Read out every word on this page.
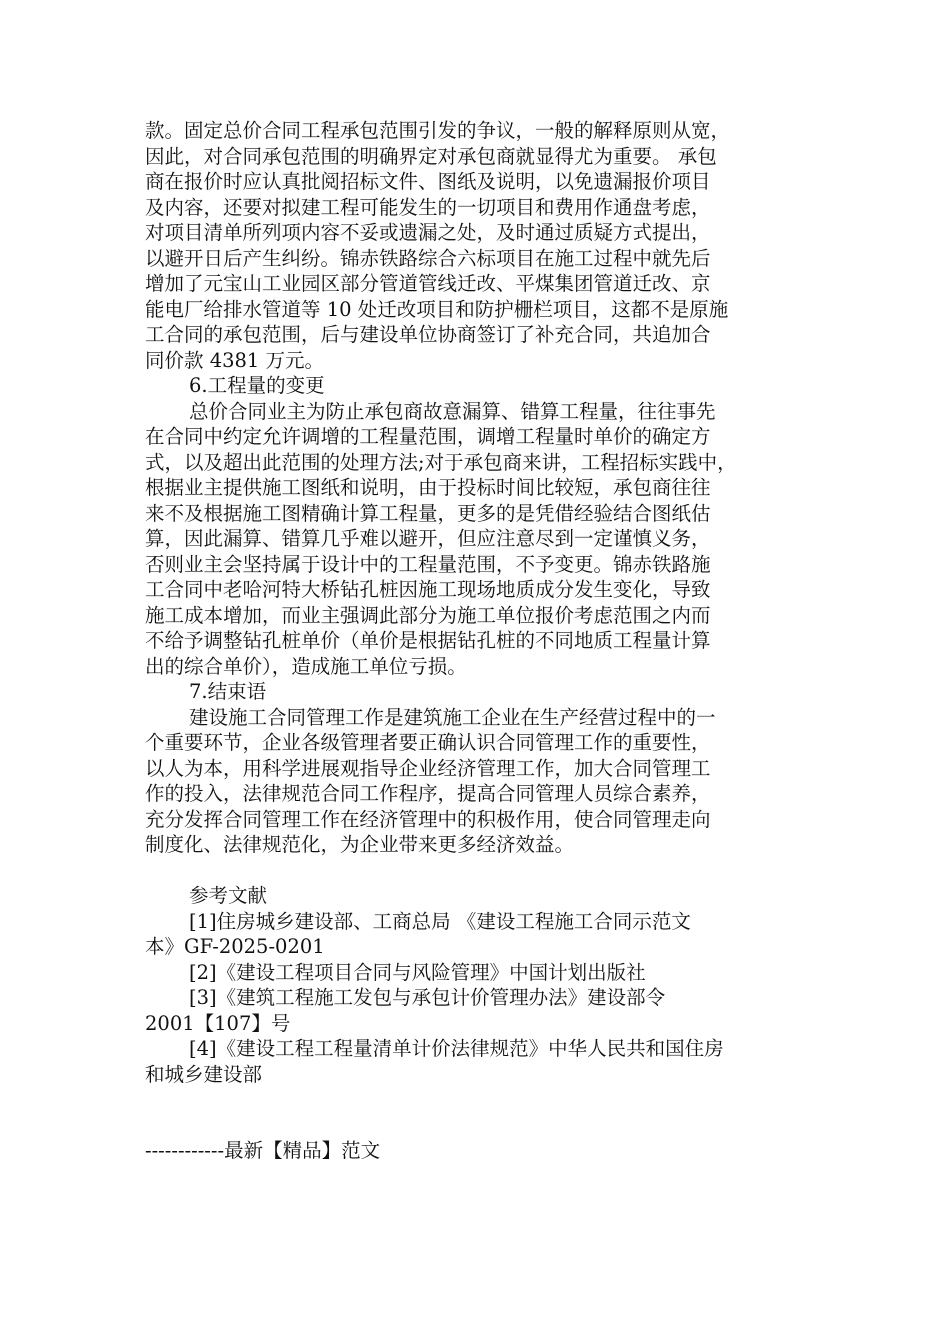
款。固定总价合同工程承包范围引发的争议，一般的解释原则从宽，
因此，对合同承包范围的明确界定对承包商就显得尤为重要。 承包
商在报价时应认真批阅招标文件、图纸及说明，以免遗漏报价项目
及内容，还要对拟建工程可能发生的一切项目和费用作通盘考虑，
对项目清单所列项内容不妥或遗漏之处，及时通过质疑方式提出，
以避开日后产生纠纷。锦赤铁路综合六标项目在施工过程中就先后
增加了元宝山工业园区部分管道管线迁改、平煤集团管道迁改、京
能电厂给排水管道等 10 处迁改项目和防护栅栏项目，这都不是原施
工合同的承包范围，后与建设单位协商签订了补充合同，共追加合
同价款 4381 万元。
6.工程量的变更
总价合同业主为防止承包商故意漏算、错算工程量，往往事先
在合同中约定允许调增的工程量范围，调增工程量时单价的确定方
式，以及超出此范围的处理方法;对于承包商来讲，工程招标实践中，
根据业主提供施工图纸和说明，由于投标时间比较短，承包商往往
来不及根据施工图精确计算工程量，更多的是凭借经验结合图纸估
算，因此漏算、错算几乎难以避开，但应注意尽到一定谨慎义务，
否则业主会坚持属于设计中的工程量范围，不予变更。锦赤铁路施
工合同中老哈河特大桥钻孔桩因施工现场地质成分发生变化，导致
施工成本增加，而业主强调此部分为施工单位报价考虑范围之内而
不给予调整钻孔桩单价（单价是根据钻孔桩的不同地质工程量计算
出的综合单价），造成施工单位亏损。
7.结束语
建设施工合同管理工作是建筑施工企业在生产经营过程中的一
个重要环节，企业各级管理者要正确认识合同管理工作的重要性，
以人为本，用科学进展观指导企业经济管理工作，加大合同管理工
作的投入，法律规范合同工作程序，提高合同管理人员综合素养，
充分发挥合同管理工作在经济管理中的积极作用，使合同管理走向
制度化、法律规范化，为企业带来更多经济效益。
参考文献
[1]住房城乡建设部、工商总局 《建设工程施工合同示范文
本》GF-2025-0201
[2]《建设工程项目合同与风险管理》中国计划出版社
[3]《建筑工程施工发包与承包计价管理办法》建设部令
2001【107】号
[4]《建设工程工程量清单计价法律规范》中华人民共和国住房
和城乡建设部
------------最新【精品】范文
